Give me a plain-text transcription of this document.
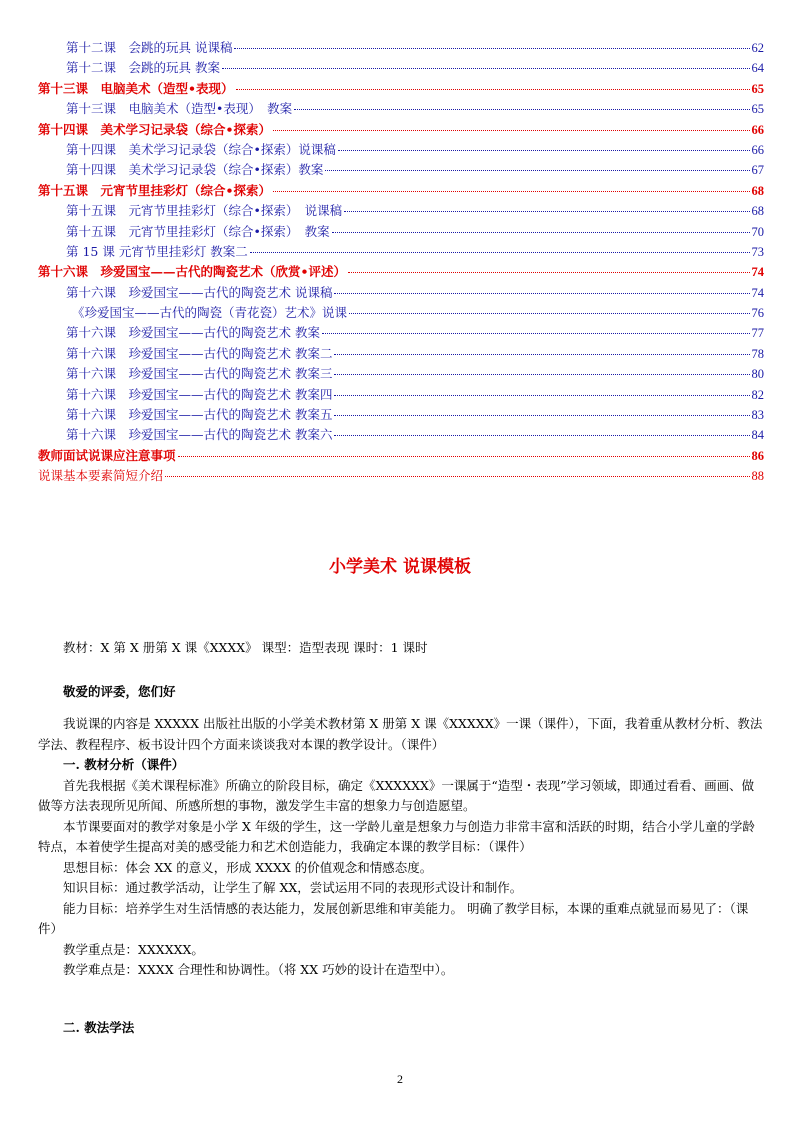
第十二课　会跳的玩具 说课稿	62
第十二课　会跳的玩具 教案	64
第十三课　电脑美术（造型•表现）	65
第十三课　电脑美术（造型•表现）　教案	65
第十四课　美术学习记录袋（综合•探索）	66
第十四课　美术学习记录袋（综合•探索）说课稿	66
第十四课　美术学习记录袋（综合•探索）教案	67
第十五课　元宵节里挂彩灯（综合•探索）	68
第十五课　元宵节里挂彩灯（综合•探索）　说课稿	68
第十五课　元宵节里挂彩灯（综合•探索）　教案	70
第 15 课 元宵节里挂彩灯 教案二	73
第十六课　珍爱国宝——古代的陶瓷艺术（欣赏•评述）	74
第十六课　珍爱国宝——古代的陶瓷艺术 说课稿	74
《珍爱国宝——古代的陶瓷（青花瓷）艺术》说课	76
第十六课　珍爱国宝——古代的陶瓷艺术 教案	77
第十六课　珍爱国宝——古代的陶瓷艺术 教案二	78
第十六课　珍爱国宝——古代的陶瓷艺术 教案三	80
第十六课　珍爱国宝——古代的陶瓷艺术 教案四	82
第十六课　珍爱国宝——古代的陶瓷艺术 教案五	83
第十六课　珍爱国宝——古代的陶瓷艺术 教案六	84
教师面试说课应注意事项	86
说课基本要素简短介绍	88
小学美术 说课模板
教材：X 第 X 册第 X 课《XXXX》 课型：造型表现 课时：1 课时
敬爱的评委，您们好

我说课的内容是 XXXXX 出版社出版的小学美术教材第 X 册第 X 课《XXXXX》一课（课件），下面，我着重从教材分析、教法学法、教程程序、板书设计四个方面来谈谈我对本课的教学设计。（课件）

一. 教材分析（课件）

首先我根据《美术课程标准》所确立的阶段目标，确定《XXXXXX》一课属于“造型・表现”学习领域，即通过看看、画画、做做等方法表现所见所闻、所感所想的事物，激发学生丰富的想象力与创造愿望。

本节课要面对的教学对象是小学 X 年级的学生，这一学龄儿童是想象力与创造力非常丰富和活跃的时期，结合小学儿童的学龄特点，本着使学生提高对美的感受能力和艺术创造能力，我确定本课的教学目标：（课件）

思想目标：体会 XX 的意义，形成 XXXX 的价值观念和情感态度。
知识目标：通过教学活动，让学生了解 XX，尝试运用不同的表现形式设计和制作。

能力目标：培养学生对生活情感的表达能力，发展创新思维和审美能力。 明确了教学目标，本课的重难点就显而易见了：（课件）

教学重点是：XXXXXX。
教学难点是：XXXX 合理性和协调性。（将 XX 巧妙的设计在造型中）。
二. 教法学法
2
